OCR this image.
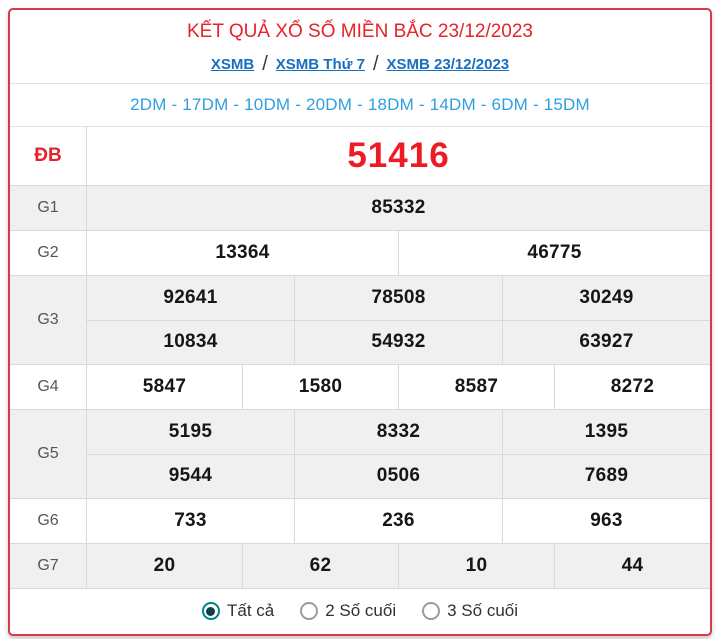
KẾT QUẢ XỔ SỐ MIỀN BẮC 23/12/2023
XSMB / XSMB Thứ 7 / XSMB 23/12/2023
2DM - 17DM - 10DM - 20DM - 18DM - 14DM - 6DM - 15DM
ĐB	51416
G1	85332
G2	13364	46775
G3
92641	78508	30249
10834	54932	63927
G4	5847	1580	8587	8272
G5
5195	8332	1395
9544	0506	7689
G6	733	236	963
G7	20	62	10	44
Tất cả	2 Số cuối	3 Số cuối
